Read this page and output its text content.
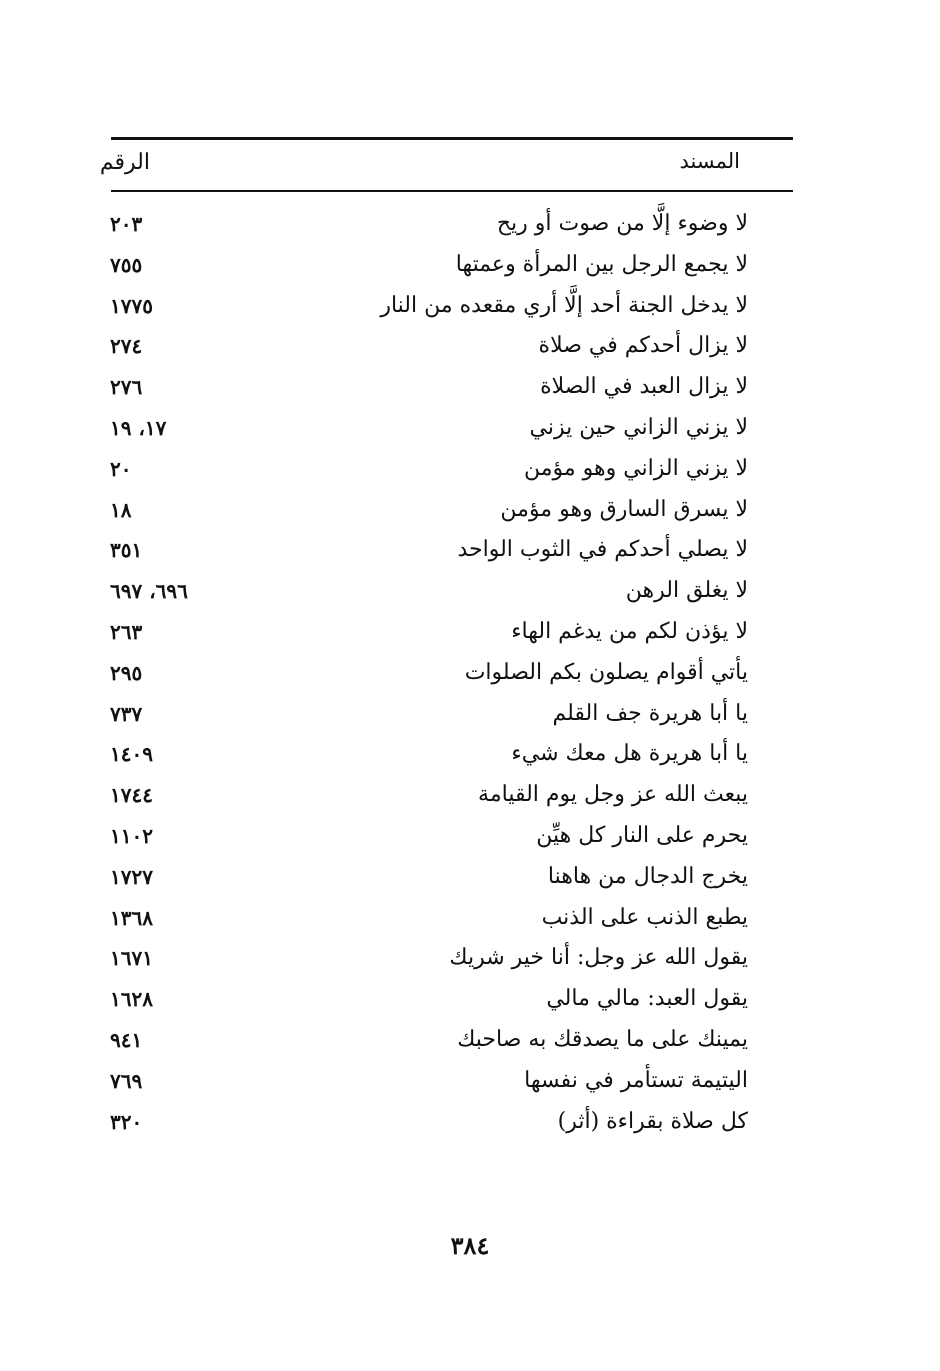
المسند
الرقم
لا وضوء إلَّا من صوت أو ريح
٢٠٣
لا يجمع الرجل بين المرأة وعمتها
٧٥٥
لا يدخل الجنة أحد إلَّا أري مقعده من النار
١٧٧٥
لا يزال أحدكم في صلاة
٢٧٤
لا يزال العبد في الصلاة
٢٧٦
لا يزني الزاني حين يزني
١٧، ١٩
لا يزني الزاني وهو مؤمن
٢٠
لا يسرق السارق وهو مؤمن
١٨
لا يصلي أحدكم في الثوب الواحد
٣٥١
لا يغلق الرهن
٦٩٦، ٦٩٧
لا يؤذن لكم من يدغم الهاء
٢٦٣
يأتي أقوام يصلون بكم الصلوات
٢٩٥
يا أبا هريرة جف القلم
٧٣٧
يا أبا هريرة هل معك شيء
١٤٠٩
يبعث الله عز وجل يوم القيامة
١٧٤٤
يحرم على النار كل هيِّن
١١٠٢
يخرج الدجال من هاهنا
١٧٢٧
يطبع الذنب على الذنب
١٣٦٨
يقول الله عز وجل: أنا خير شريك
١٦٧١
يقول العبد: مالي مالي
١٦٢٨
يمينك على ما يصدقك به صاحبك
٩٤١
اليتيمة تستأمر في نفسها
٧٦٩
كل صلاة بقراءة (أثر)
٣٢٠
٣٨٤
